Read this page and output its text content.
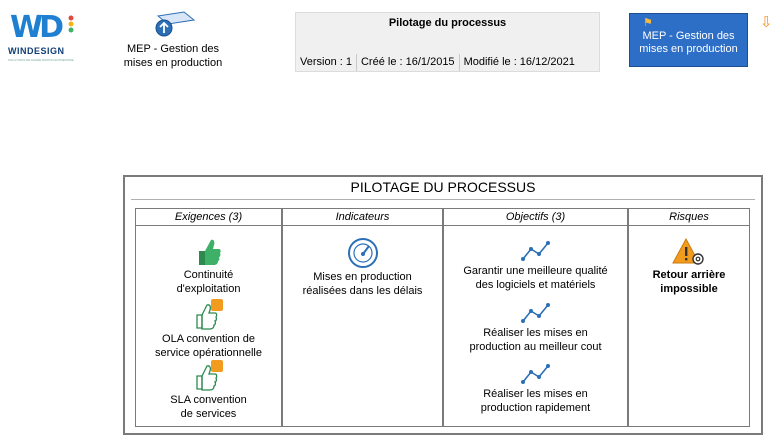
WD
WINDESIGN
SOLUTIONS DE MODÉLISATION ENTREPRISE
MEP - Gestion des
mises en production
Pilotage du processus
Version : 1 Créé le : 16/1/2015 Modifié le : 16/12/2021
⚑
MEP - Gestion des
mises en production
⇩
PILOTAGE DU PROCESSUS
Exigences (3)
Continuité
d'exploitation
OLA convention de
service opérationnelle
SLA convention
de services
Indicateurs
Mises en production
réalisées dans les délais
Objectifs (3)
Garantir une meilleure qualité
des logiciels et matériels
Réaliser les mises en
production au meilleur cout
Réaliser les mises en
production rapidement
Risques
Retour arrière
impossible
